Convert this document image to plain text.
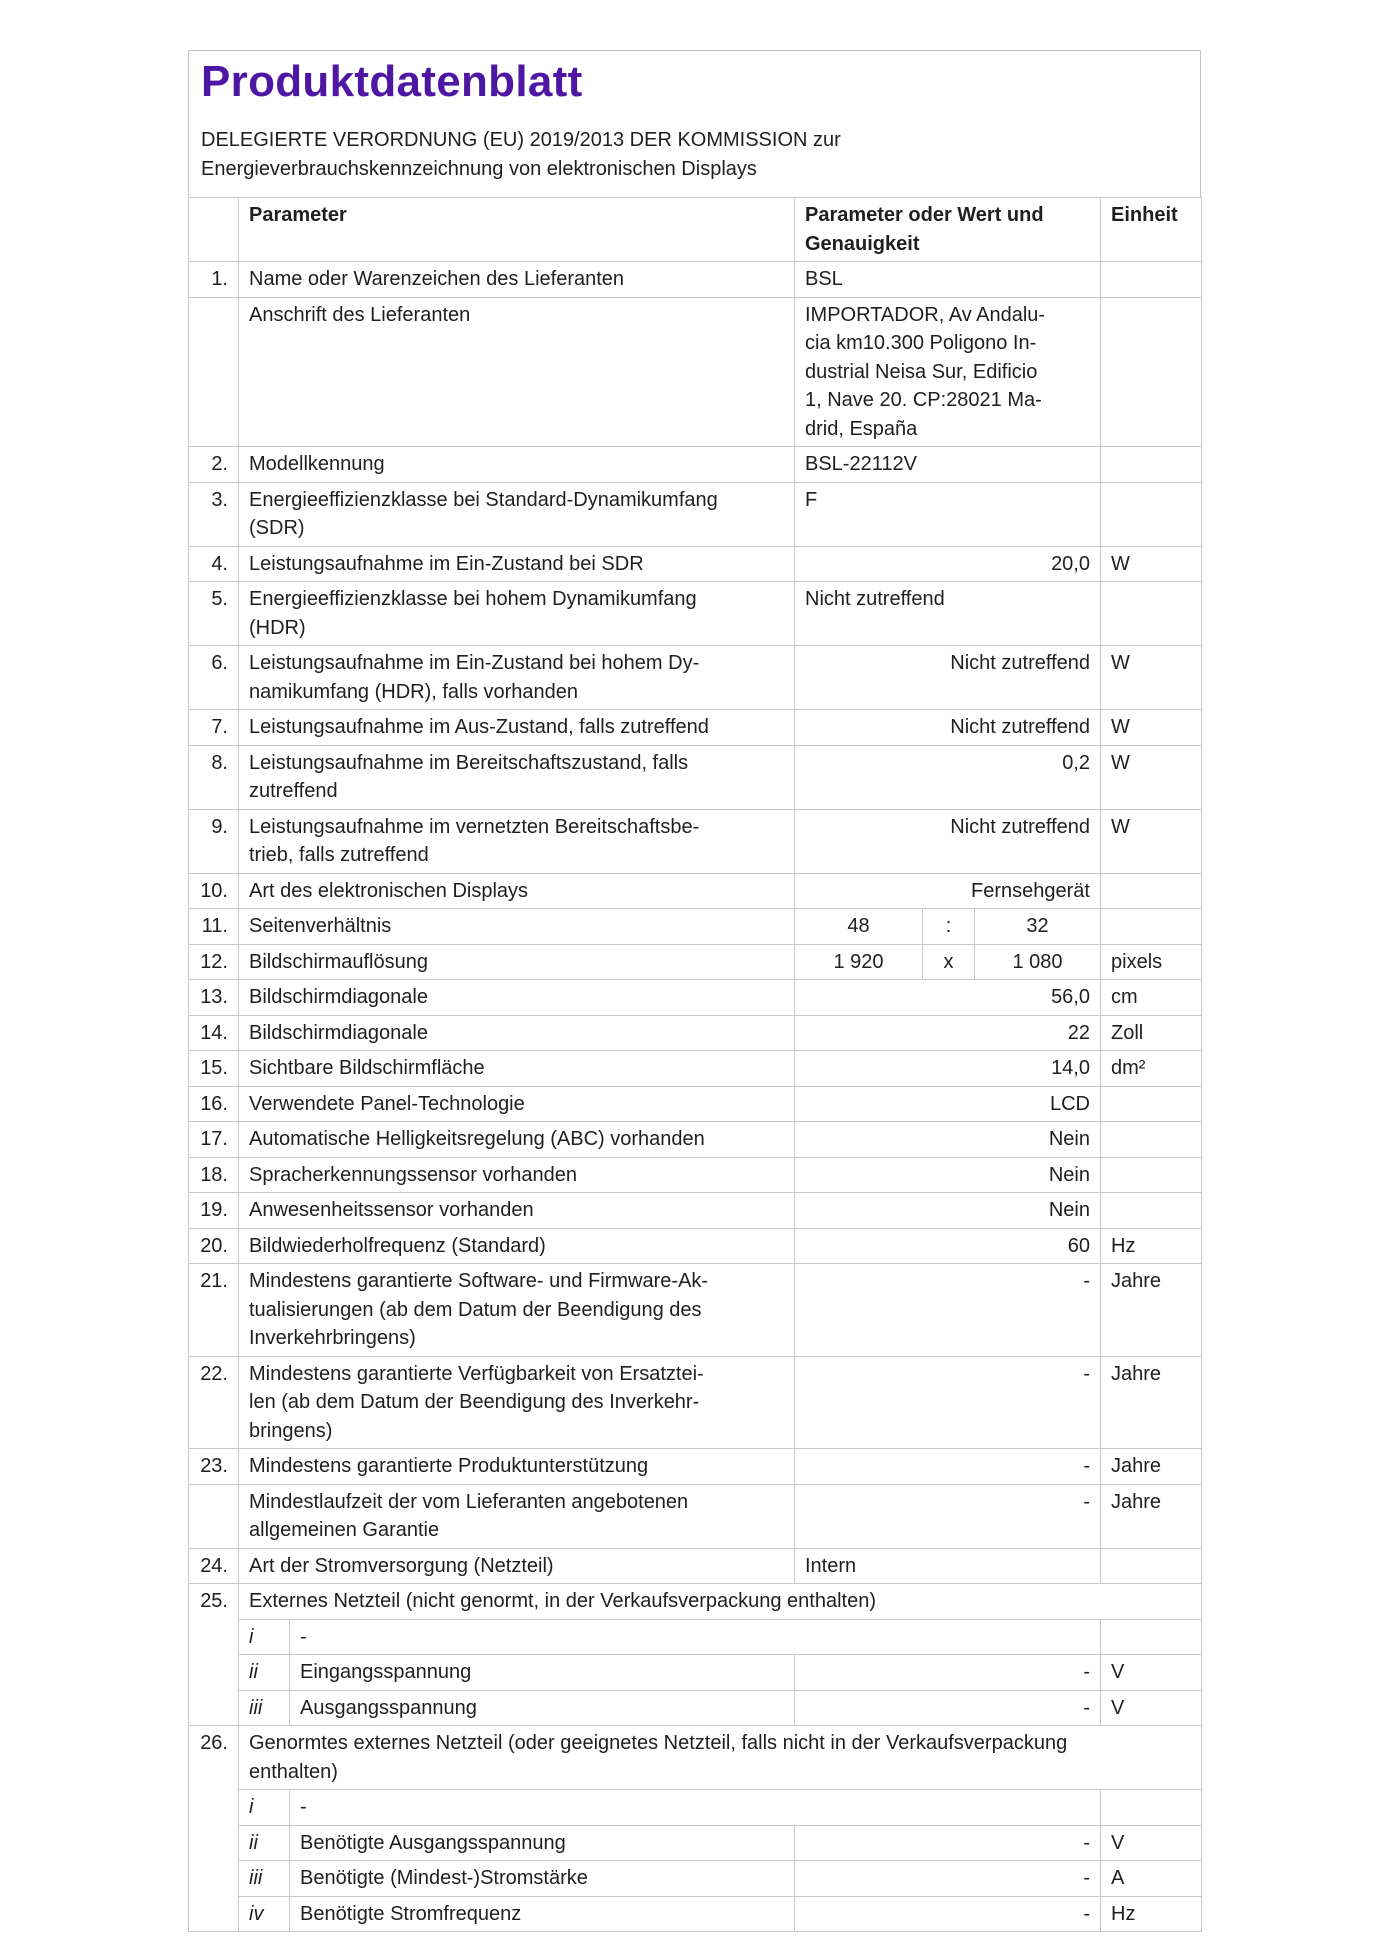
Produktdatenblatt
DELEGIERTE VERORDNUNG (EU) 2019/2013 DER KOMMISSION zur
Energieverbrauchskennzeichnung von elektronischen Displays
	Parameter		Parameter oder Wert und
Genauigkeit			Einheit
1.	Name oder Warenzeichen des Lieferanten		BSL			
	Anschrift des Lieferanten		IMPORTADOR, Av Andalu-
cia km10.300 Poligono In-
dustrial Neisa Sur, Edificio
1, Nave 20. CP:28021 Ma-
drid, España			
2.	Modellkennung		BSL-22112V			
3.	Energieeffizienzklasse bei Standard-Dynamikumfang
(SDR)		F			
4.	Leistungsaufnahme im Ein-Zustand bei SDR		20,0			W
5.	Energieeffizienzklasse bei hohem Dynamikumfang
(HDR)		Nicht zutreffend			
6.	Leistungsaufnahme im Ein-Zustand bei hohem Dy-
namikumfang (HDR), falls vorhanden		Nicht zutreffend			W
7.	Leistungsaufnahme im Aus-Zustand, falls zutreffend		Nicht zutreffend			W
8.	Leistungsaufnahme im Bereitschaftszustand, falls
zutreffend		0,2			W
9.	Leistungsaufnahme im vernetzten Bereitschaftsbe-
trieb, falls zutreffend		Nicht zutreffend			W
10.	Art des elektronischen Displays		Fernsehgerät			
11.	Seitenverhältnis		48	:	32	
12.	Bildschirmauflösung		1 920	x	1 080	pixels
13.	Bildschirmdiagonale		56,0			cm
14.	Bildschirmdiagonale		22			Zoll
15.	Sichtbare Bildschirmfläche		14,0			dm²
16.	Verwendete Panel-Technologie		LCD			
17.	Automatische Helligkeitsregelung (ABC) vorhanden		Nein			
18.	Spracherkennungssensor vorhanden		Nein			
19.	Anwesenheitssensor vorhanden		Nein			
20.	Bildwiederholfrequenz (Standard)		60			Hz
21.	Mindestens garantierte Software- und Firmware-Ak-
tualisierungen (ab dem Datum der Beendigung des
Inverkehrbringens)		-			Jahre
22.	Mindestens garantierte Verfügbarkeit von Ersatztei-
len (ab dem Datum der Beendigung des Inverkehr-
bringens)		-			Jahre
23.	Mindestens garantierte Produktunterstützung		-			Jahre
	Mindestlaufzeit der vom Lieferanten angebotenen
allgemeinen Garantie		-			Jahre
24.	Art der Stromversorgung (Netzteil)		Intern			
25.	Externes Netzteil (nicht genormt, in der Verkaufsverpackung enthalten)					
	i	-				
	ii	Eingangsspannung	-			V
	iii	Ausgangsspannung	-			V
26.	Genormtes externes Netzteil (oder geeignetes Netzteil, falls nicht in der Verkaufsverpackung
enthalten)					
	i	-				
	ii	Benötigte Ausgangsspannung	-			V
	iii	Benötigte (Mindest-)Stromstärke	-			A
	iv	Benötigte Stromfrequenz	-			Hz
